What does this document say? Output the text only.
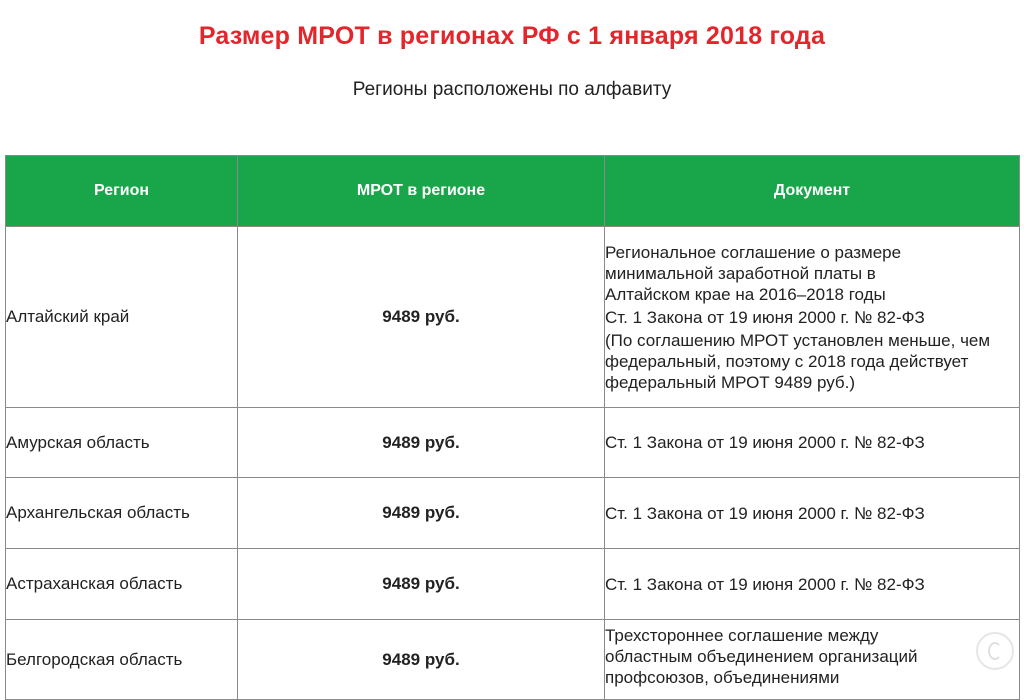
Размер МРОТ в регионах РФ с 1 января 2018 года
Регионы расположены по алфавиту
Регион	МРОТ в регионе	Документ
Алтайский край	9489 руб.	Региональное соглашение о размере минимальной заработной платы в Алтайском крае на 2016–2018 годы
Ст. 1 Закона от 19 июня 2000 г. № 82-ФЗ
(По соглашению МРОТ установлен меньше, чем федеральный, поэтому с 2018 года действует федеральный МРОТ 9489 руб.)

Амурская область	9489 руб.	Ст. 1 Закона от 19 июня 2000 г. № 82-ФЗ

Архангельская область	9489 руб.	Ст. 1 Закона от 19 июня 2000 г. № 82-ФЗ

Астраханская область	9489 руб.	Ст. 1 Закона от 19 июня 2000 г. № 82-ФЗ

Белгородская область	9489 руб.	Трехстороннее соглашение между областным объединением организаций профсоюзов, объединениями
